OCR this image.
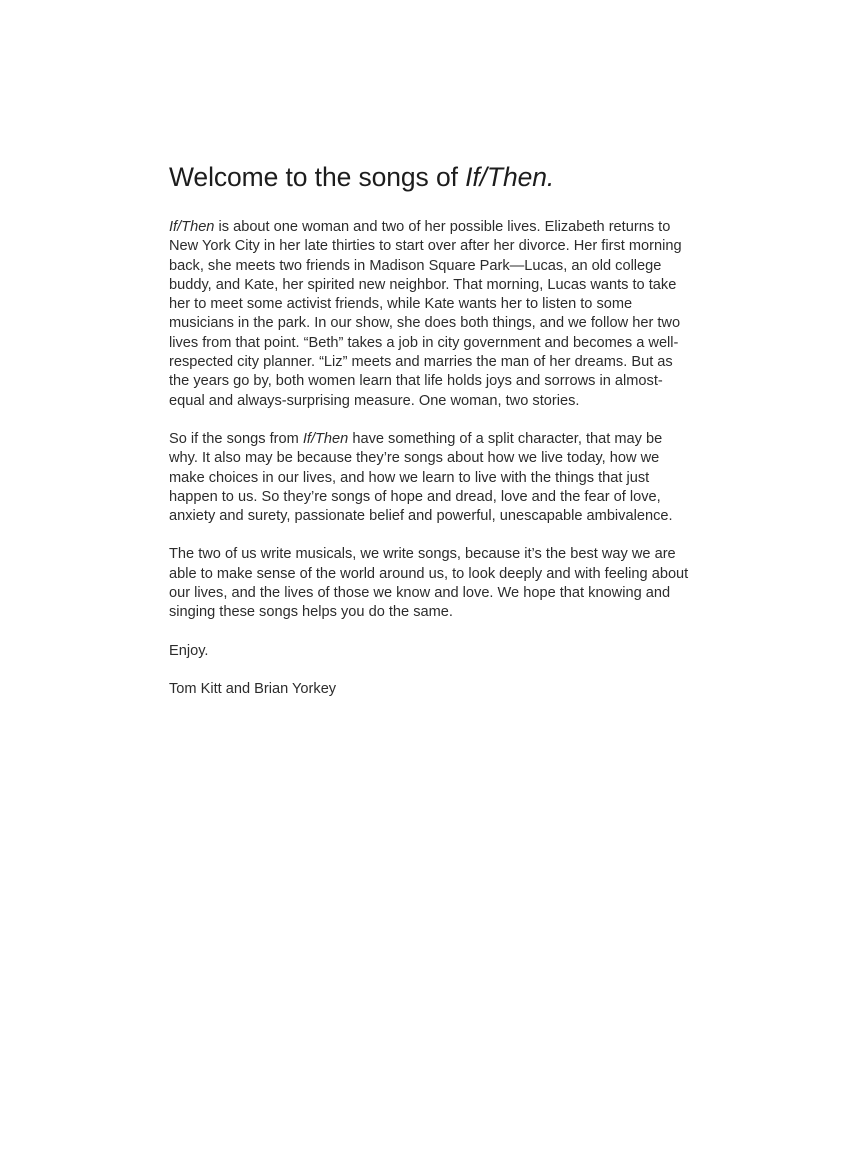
Welcome to the songs of If/Then.

If/Then is about one woman and two of her possible lives. Elizabeth returns to New York City in her late thirties to start over after her divorce. Her first morning back, she meets two friends in Madison Square Park—Lucas, an old college buddy, and Kate, her spirited new neighbor. That morning, Lucas wants to take her to meet some activist friends, while Kate wants her to listen to some musicians in the park. In our show, she does both things, and we follow her two lives from that point. “Beth” takes a job in city government and becomes a well-respected city planner. “Liz” meets and marries the man of her dreams. But as the years go by, both women learn that life holds joys and sorrows in almost-equal and always-surprising measure. One woman, two stories.

So if the songs from If/Then have something of a split character, that may be why. It also may be because they’re songs about how we live today, how we make choices in our lives, and how we learn to live with the things that just happen to us. So they’re songs of hope and dread, love and the fear of love, anxiety and surety, passionate belief and powerful, unescapable ambivalence.

The two of us write musicals, we write songs, because it’s the best way we are able to make sense of the world around us, to look deeply and with feeling about our lives, and the lives of those we know and love. We hope that knowing and singing these songs helps you do the same.

Enjoy.

Tom Kitt and Brian Yorkey
